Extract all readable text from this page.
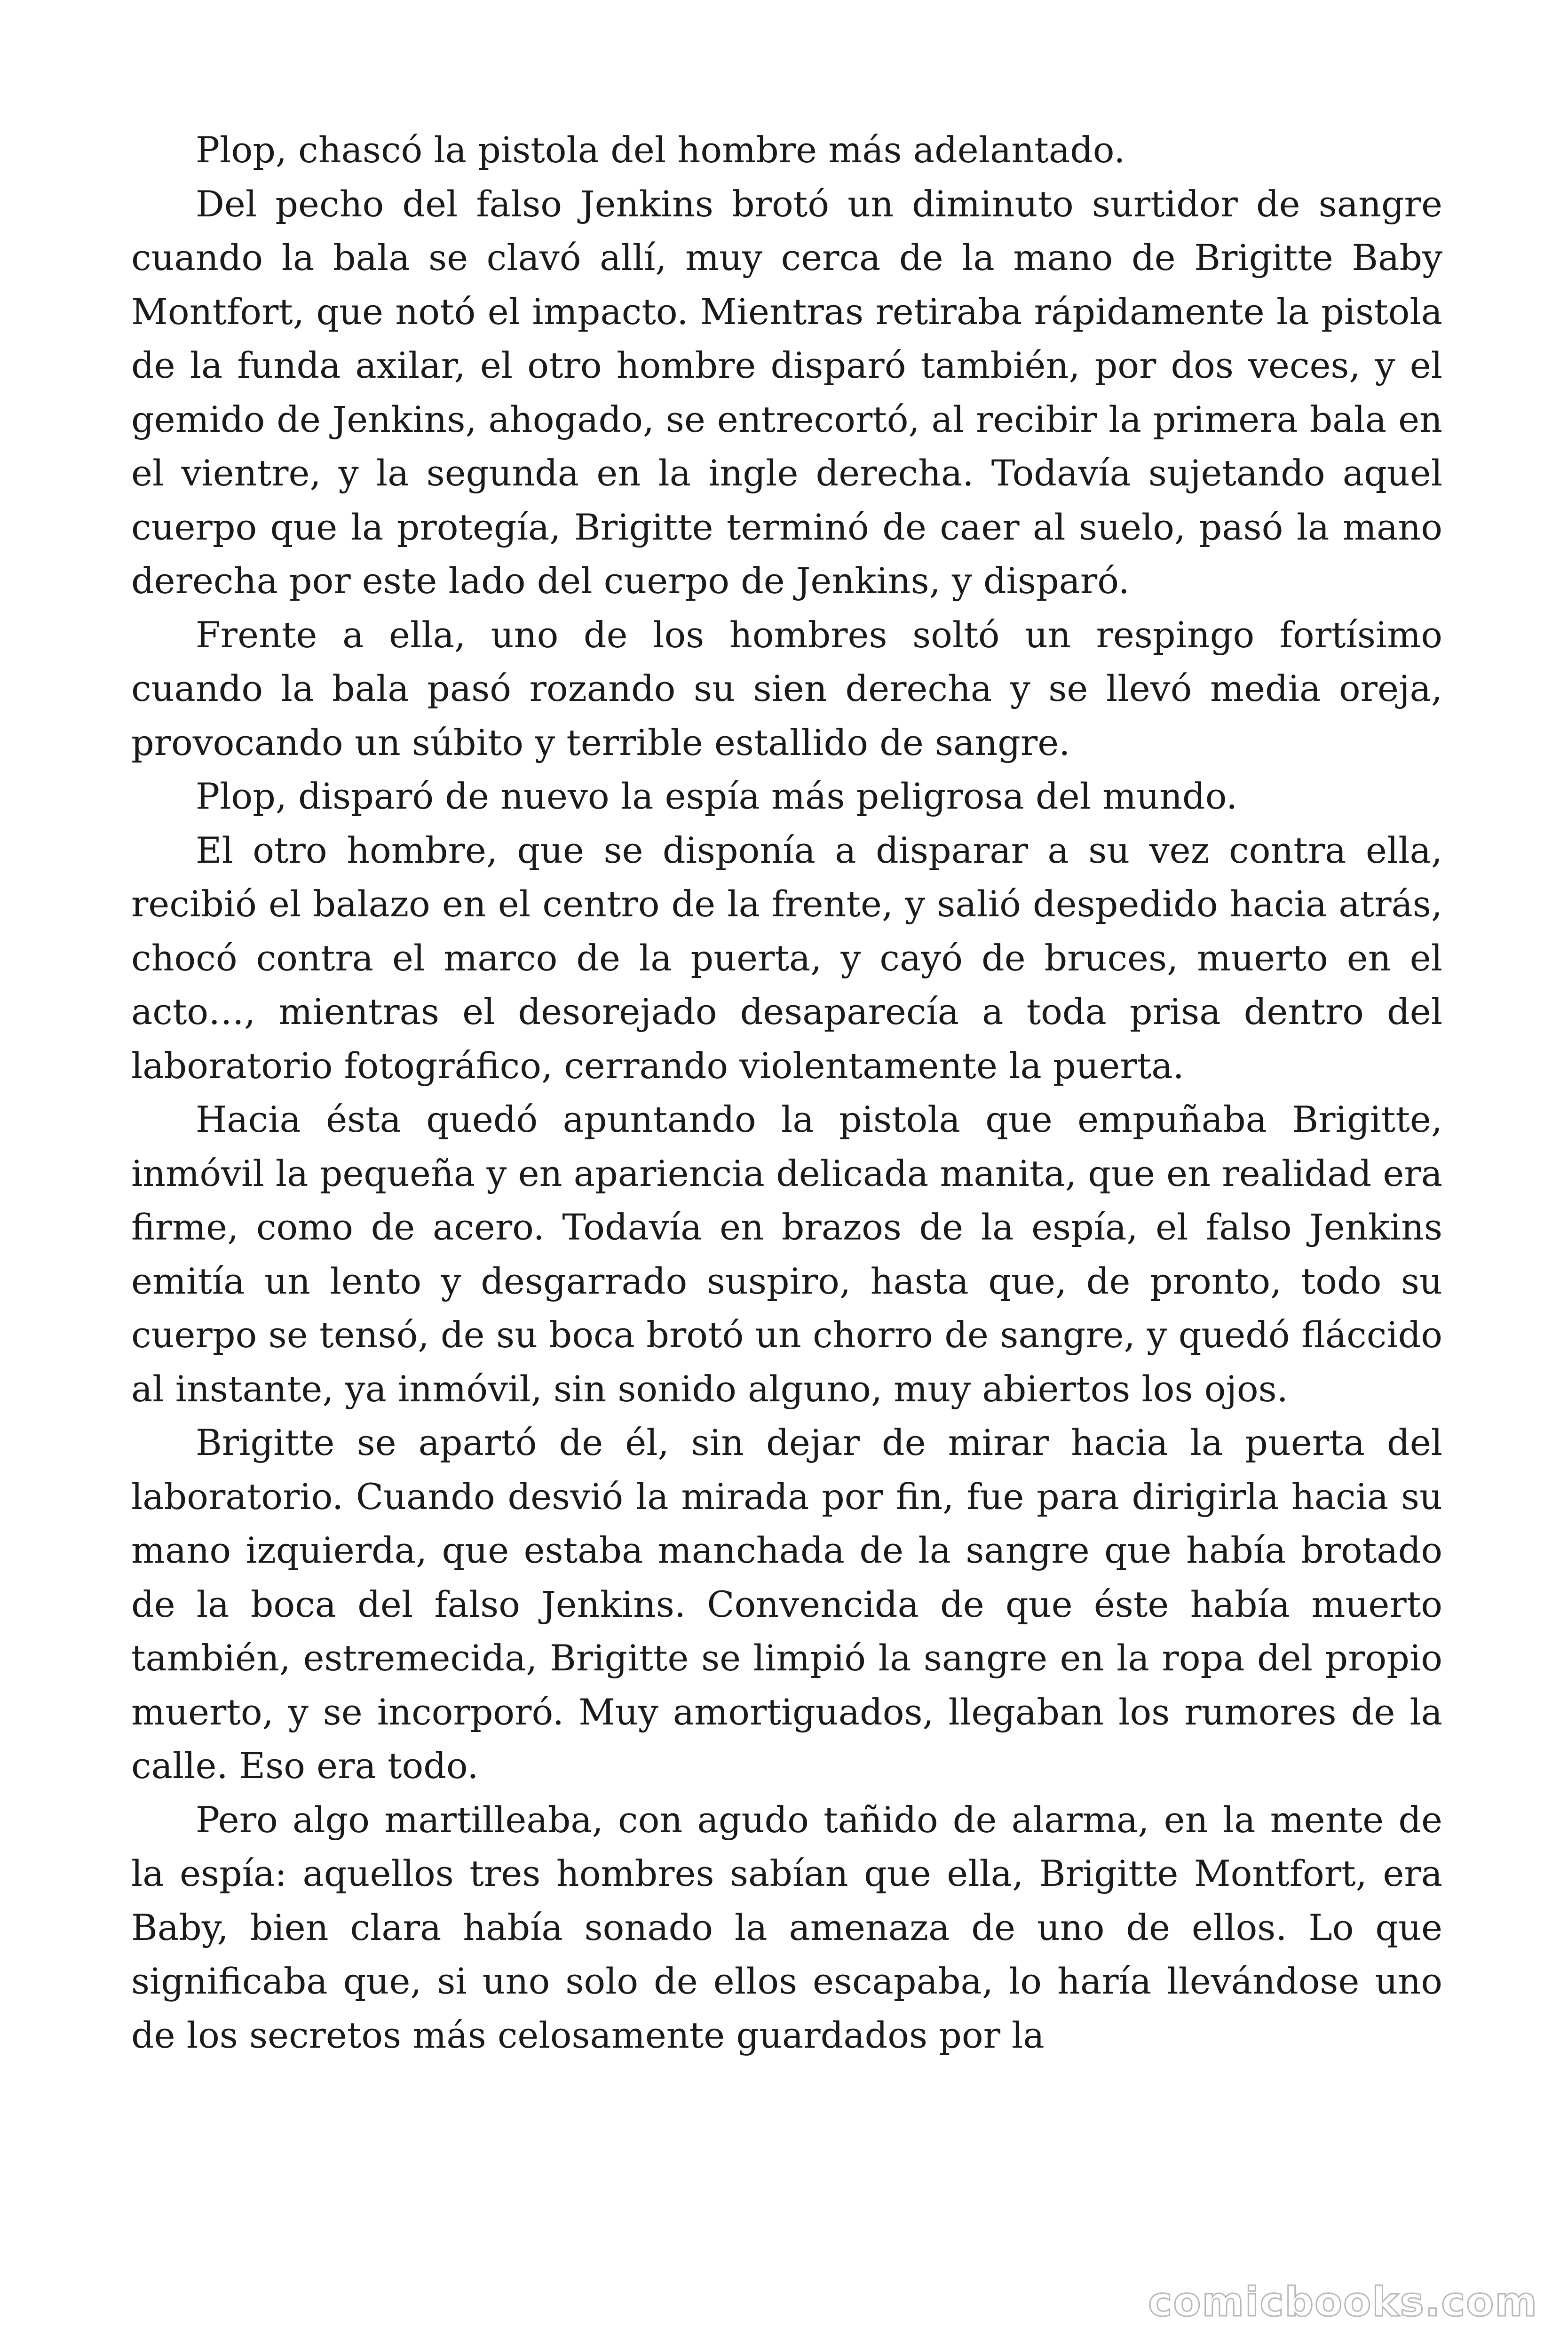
Plop, chascó la pistola del hombre más adelantado.

Del pecho del falso Jenkins brotó un diminuto surtidor de sangre cuando la bala se clavó allí, muy cerca de la mano de Brigitte Baby Montfort, que notó el impacto. Mientras retiraba rápidamente la pistola de la funda axilar, el otro hombre disparó también, por dos veces, y el gemido de Jenkins, ahogado, se entrecortó, al recibir la primera bala en el vientre, y la segunda en la ingle derecha. Todavía sujetando aquel cuerpo que la protegía, Brigitte terminó de caer al suelo, pasó la mano derecha por este lado del cuerpo de Jenkins, y disparó.

Frente a ella, uno de los hombres soltó un respingo fortísimo cuando la bala pasó rozando su sien derecha y se llevó media oreja, provocando un súbito y terrible estallido de sangre.

Plop, disparó de nuevo la espía más peligrosa del mundo.

El otro hombre, que se disponía a disparar a su vez contra ella, recibió el balazo en el centro de la frente, y salió despedido hacia atrás, chocó contra el marco de la puerta, y cayó de bruces, muerto en el acto…, mientras el desorejado desaparecía a toda prisa dentro del laboratorio fotográfico, cerrando violentamente la puerta.

Hacia ésta quedó apuntando la pistola que empuñaba Brigitte, inmóvil la pequeña y en apariencia delicada manita, que en realidad era firme, como de acero. Todavía en brazos de la espía, el falso Jenkins emitía un lento y desgarrado suspiro, hasta que, de pronto, todo su cuerpo se tensó, de su boca brotó un chorro de sangre, y quedó fláccido al instante, ya inmóvil, sin sonido alguno, muy abiertos los ojos.

Brigitte se apartó de él, sin dejar de mirar hacia la puerta del laboratorio. Cuando desvió la mirada por fin, fue para dirigirla hacia su mano izquierda, que estaba manchada de la sangre que había brotado de la boca del falso Jenkins. Convencida de que éste había muerto también, estremecida, Brigitte se limpió la sangre en la ropa del propio muerto, y se incorporó. Muy amortiguados, llegaban los rumores de la calle. Eso era todo.

Pero algo martilleaba, con agudo tañido de alarma, en la mente de la espía: aquellos tres hombres sabían que ella, Brigitte Montfort, era Baby, bien clara había sonado la amenaza de uno de ellos. Lo que significaba que, si uno solo de ellos escapaba, lo haría llevándose uno de los secretos más celosamente guardados por la

comicbooks.com
